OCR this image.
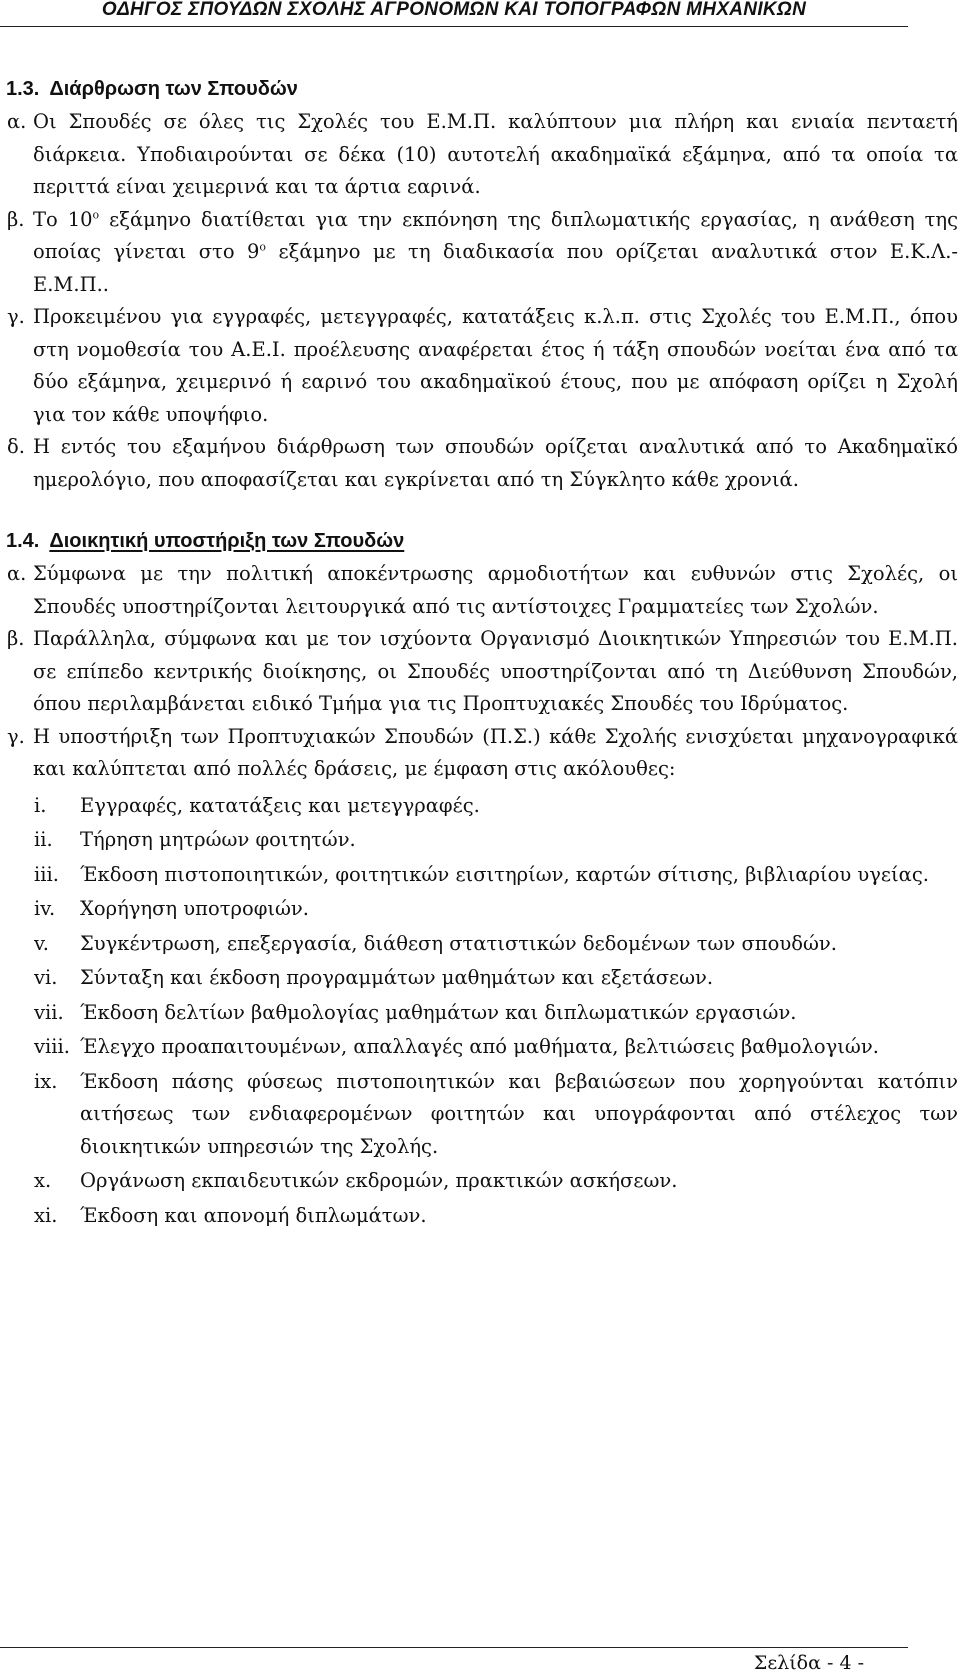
ΟΔΗΓΟΣ ΣΠΟΥΔΩΝ ΣΧΟΛΗΣ ΑΓΡΟΝΟΜΩΝ ΚΑΙ ΤΟΠΟΓΡΑΦΩΝ ΜΗΧΑΝΙΚΩΝ
1.3. Διάρθρωση των Σπουδών

α. Οι Σπουδές σε όλες τις Σχολές του Ε.Μ.Π. καλύπτουν μια πλήρη και ενιαία πενταετή διάρκεια. Υποδιαιρούνται σε δέκα (10) αυτοτελή ακαδημαϊκά εξάμηνα, από τα οποία τα περιττά είναι χειμερινά και τα άρτια εαρινά.

β. Το $10^o$ εξάμηνο διατίθεται για την εκπόνηση της διπλωματικής εργασίας, η ανάθεση της οποίας γίνεται στο $9^o$ εξάμηνο με τη διαδικασία που ορίζεται αναλυτικά στον Ε.Κ.Λ.-Ε.Μ.Π..

γ. Προκειμένου για εγγραφές, μετεγγραφές, κατατάξεις κ.λ.π. στις Σχολές του Ε.Μ.Π., όπου στη νομοθεσία του Α.Ε.Ι. προέλευσης αναφέρεται έτος ή τάξη σπουδών νοείται ένα από τα δύο εξάμηνα, χειμερινό ή εαρινό του ακαδημαϊκού έτους, που με απόφαση ορίζει η Σχολή για τον κάθε υποψήφιο.

δ. Η εντός του εξαμήνου διάρθρωση των σπουδών ορίζεται αναλυτικά από το Ακαδημαϊκό ημερολόγιο, που αποφασίζεται και εγκρίνεται από τη Σύγκλητο κάθε χρονιά.

1.4. Διοικητική υποστήριξη των Σπουδών

α. Σύμφωνα με την πολιτική αποκέντρωσης αρμοδιοτήτων και ευθυνών στις Σχολές, οι Σπουδές υποστηρίζονται λειτουργικά από τις αντίστοιχες Γραμματείες των Σχολών.

β. Παράλληλα, σύμφωνα και με τον ισχύοντα Οργανισμό Διοικητικών Υπηρεσιών του Ε.Μ.Π. σε επίπεδο κεντρικής διοίκησης, οι Σπουδές υποστηρίζονται από τη Διεύθυνση Σπουδών, όπου περιλαμβάνεται ειδικό Τμήμα για τις Προπτυχιακές Σπουδές του Ιδρύματος.

γ. Η υποστήριξη των Προπτυχιακών Σπουδών (Π.Σ.) κάθε Σχολής ενισχύεται μηχανογραφικά και καλύπτεται από πολλές δράσεις, με έμφαση στις ακόλουθες:

i. Εγγραφές, κατατάξεις και μετεγγραφές.
ii. Τήρηση μητρώων φοιτητών.
iii. Έκδοση πιστοποιητικών, φοιτητικών εισιτηρίων, καρτών σίτισης, βιβλιαρίου υγείας.
iv. Χορήγηση υποτροφιών.
v. Συγκέντρωση, επεξεργασία, διάθεση στατιστικών δεδομένων των σπουδών.
vi. Σύνταξη και έκδοση προγραμμάτων μαθημάτων και εξετάσεων.
vii. Έκδοση δελτίων βαθμολογίας μαθημάτων και διπλωματικών εργασιών.
viii. Έλεγχο προαπαιτουμένων, απαλλαγές από μαθήματα, βελτιώσεις βαθμολογιών.
ix. Έκδοση πάσης φύσεως πιστοποιητικών και βεβαιώσεων που χορηγούνται κατόπιν αιτήσεως των ενδιαφερομένων φοιτητών και υπογράφονται από στέλεχος των διοικητικών υπηρεσιών της Σχολής.
x. Οργάνωση εκπαιδευτικών εκδρομών, πρακτικών ασκήσεων.
xi. Έκδοση και απονομή διπλωμάτων.
Σελίδα - 4 -
